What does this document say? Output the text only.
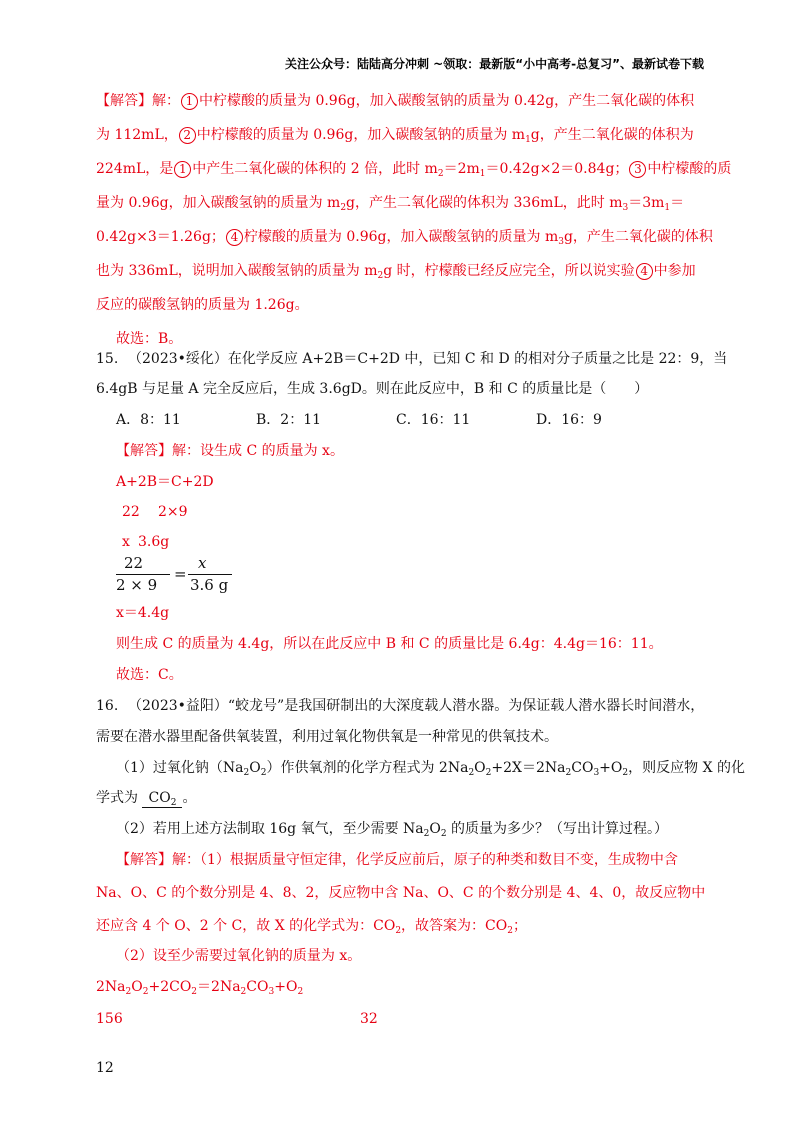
关注公众号：陆陆高分冲刺 ~领取：最新版“小中高考-总复习”、最新试卷下载
【解答】解： 1 中柠檬酸的质量为 0.96g，加入碳酸氢钠的质量为 0.42g，产生二氧化碳的体积
为 112mL， 2 中柠檬酸的质量为 0.96g，加入碳酸氢钠的质量为 $m_1g$，产生二氧化碳的体积为
224mL，是 1 中产生二氧化碳的体积的 2 倍，此时 $m_2=2m_1=0.42g\times 2=0.84g$； 3 中柠檬酸的质
量为 0.96g，加入碳酸氢钠的质量为 $m_2g$，产生二氧化碳的体积为 336mL，此时 $m_3=3m_1=$
0.42g×3＝1.26g； 4 柠檬酸的质量为 0.96g，加入碳酸氢钠的质量为 $m_3g$，产生二氧化碳的体积
也为 336mL，说明加入碳酸氢钠的质量为 $m_2g$ 时，柠檬酸已经反应完全，所以说实验 4 中参加
反应的碳酸氢钠的质量为 1.26g。
故选：B。
15. （2023•绥化）在化学反应 A+2B＝C+2D 中，已知 C 和 D 的相对分子质量之比是 22：9，当
6.4gB 与足量 A 完全反应后，生成 3.6gD。则在此反应中，B 和 C 的质量比是（　　）
A．8：11	B．2：11	C．16：11	D．16：9
【解答】解：设生成 C 的质量为 x。
A+2B＝C+2D
22 2×9
x 3.6g
22
2 × 9
=
x
3.6 g
x＝4.4g
则生成 C 的质量为 4.4g，所以在此反应中 B 和 C 的质量比是 6.4g：4.4g＝16：11。
故选：C。
16. （2023•益阳）“蛟龙号”是我国研制出的大深度载人潜水器。为保证载人潜水器长时间潜水，
需要在潜水器里配备供氧装置，利用过氧化物供氧是一种常见的供氧技术。
（1）过氧化钠$(Na_2O_2)$作供氧剂的化学方程式为 $2Na_2O_2+2X=2Na_2CO_3+O_2$，则反应物 X 的化
学式为 $CO_2$ 。
（2）若用上述方法制取 16g 氧气，至少需要 $Na_2O_2$ 的质量为多少？（写出计算过程。）
【解答】解：（1）根据质量守恒定律，化学反应前后，原子的种类和数目不变，生成物中含
Na、O、C 的个数分别是 4、8、2，反应物中含 Na、O、C 的个数分别是 4、4、0，故反应物中
还应含 4 个 O、2 个 C，故 X 的化学式为：$CO_2$，故答案为：$CO_2$；
（2）设至少需要过氧化钠的质量为 x。
$2Na_2O_2+2CO_2=2Na_2CO_3+O_2$
156	32
12
